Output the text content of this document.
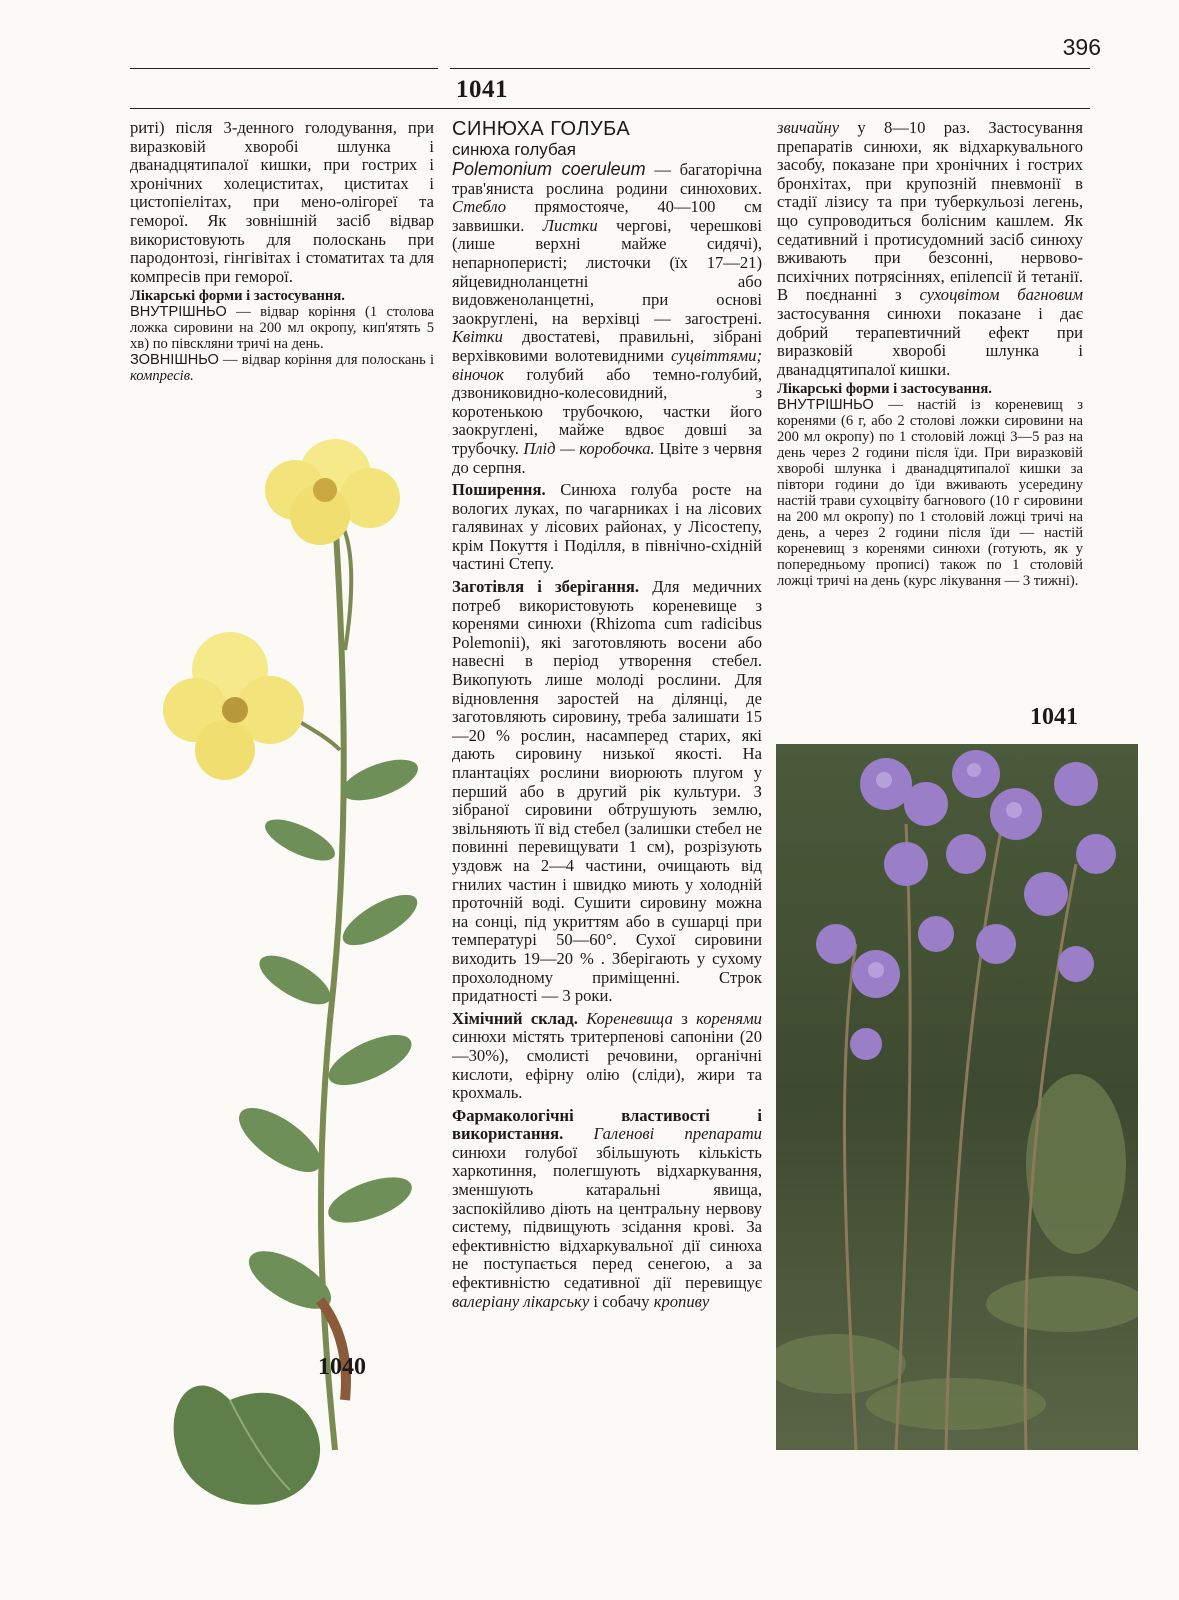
396
1041

риті) після 3-денного голодування, при виразковій хворобі шлунка і дванадцятипалої кишки, при гострих і хронічних холециститах, циститах і цистопіелітах, при мено-олігореї та геморої. Як зовнішній засіб відвар використовують для полоскань при пародонтозі, гінгівітах і стоматитах та для компресів при геморої.

Лікарські форми і застосування.

ВНУТРІШНЬО — відвар коріння (1 столова ложка сировини на 200 мл окропу, кип'ятять 5 хв) по півскляни тричі на день.

ЗОВНІШНЬО — відвар коріння для полоскань і компресів.

1040

СИНЮХА ГОЛУБА

синюха голубая

Polemonium coeruleum — багаторічна трав'яниста рослина родини синюхових. Стебло прямостояче, 40—100 см заввишки. Листки чергові, черешкові (лише верхні майже сидячі), непарноперисті; листочки (їх 17—21) яйцевидноланцетні або видовженоланцетні, при основі заокруглені, на верхівці — загострені. Квітки двостатеві, правильні, зібрані верхівковими волотевидними суцвіттями; віночок голубий або темно-голубий, дзвониковидно-колесовидний, з коротенькою трубочкою, частки його заокруглені, майже вдвоє довші за трубочку. Плід — коробочка. Цвіте з червня до серпня.

Поширення. Синюха голуба росте на вологих луках, по чагарниках і на лісових галявинах у лісових районах, у Лісостепу, крім Покуття і Поділля, в північно-східній частині Степу.

Заготівля і зберігання. Для медичних потреб використовують кореневище з коренями синюхи (Rhizoma cum radicibus Polemonii), які заготовляють восени або навесні в період утворення стебел. Викопують лише молоді рослини. Для відновлення заростей на ділянці, де заготовляють сировину, треба залишати 15—20 % рослин, насамперед старих, які дають сировину низької якості. На плантаціях рослини виорюють плугом у перший або в другий рік культури. З зібраної сировини обтрушують землю, звільняють її від стебел (залишки стебел не повинні перевищувати 1 см), розрізують уздовж на 2—4 частини, очищають від гнилих частин і швидко миють у холодній проточній воді. Сушити сировину можна на сонці, під укриттям або в сушарці при температурі 50—60°. Сухої сировини виходить 19—20 % . Зберігають у сухому прохолодному приміщенні. Строк придатності — 3 роки.

Хімічний склад. Кореневища з коренями синюхи містять тритерпенові сапоніни (20—30%), смолисті речовини, органічні кислоти, ефірну олію (сліди), жири та крохмаль.

Фармакологічні властивості і використання. Галенові препарати синюхи голубої збільшують кількість харкотиння, полегшують відхаркування, зменшують катаральні явища, заспокійливо діють на центральну нервову систему, підвищують зсідання крові. За ефективністю відхаркувальної дії синюха не поступається перед сенегою, а за ефективністю седативної дії перевищує валеріану лікарську і собачу кропиву

звичайну у 8—10 раз. Застосування препаратів синюхи, як відхаркувального засобу, показане при хронічних і гострих бронхітах, при крупозній пневмонії в стадії лізису та при туберкульозі легень, що супроводиться болісним кашлем. Як седативний і протисудомний засіб синюху вживають при безсонні, нервово-психічних потрясіннях, епілепсії й тетанії. В поєднанні з сухоцвітом багновим застосування синюхи показане і дає добрий терапевтичний ефект при виразковій хворобі шлунка і дванадцятипалої кишки.

Лікарські форми і застосування.

ВНУТРІШНЬО — настій із кореневищ з коренями (6 г, або 2 столові ложки сировини на 200 мл окропу) по 1 столовій ложці 3—5 раз на день через 2 години після їди. При виразковій хворобі шлунка і дванадцятипалої кишки за півтори години до їди вживають усередину настій трави сухоцвіту багнового (10 г сировини на 200 мл окропу) по 1 столовій ложці тричі на день, а через 2 години після їди — настій кореневищ з коренями синюхи (готують, як у попередньому прописі) також по 1 столовій ложці тричі на день (курс лікування — 3 тижні).

1041
